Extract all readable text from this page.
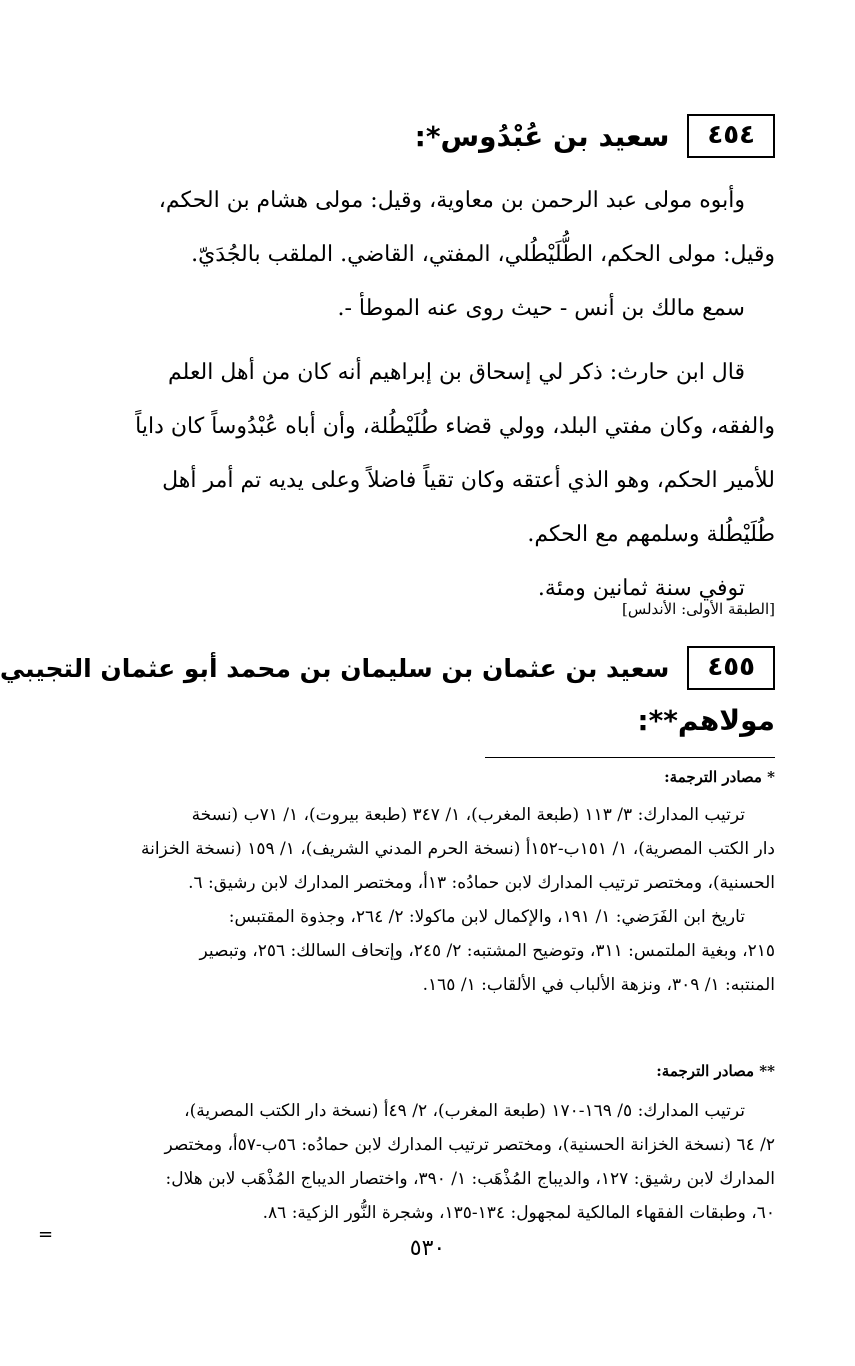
٤٥٤
سعيد بن عُبْدُوس*:
وأبوه مولى عبد الرحمن بن معاوية، وقيل: مولى هشام بن الحكم،
وقيل: مولى الحكم، الطُّلَيْطُلي، المفتي، القاضي. الملقب بالجُدَيّ.
سمع مالك بن أنس - حيث روى عنه الموطأ -.
قال ابن حارث: ذكر لي إسحاق بن إبراهيم أنه كان من أهل العلم
والفقه، وكان مفتي البلد، وولي قضاء طُلَيْطُلة، وأن أباه عُبْدُوساً كان داياً
للأمير الحكم، وهو الذي أعتقه وكان تقياً فاضلاً وعلى يديه تم أمر أهل
طُلَيْطُلة وسلمهم مع الحكم.
توفي سنة ثمانين ومئة.
[الطبقة الأولى: الأندلس]
٤٥٥
سعيد بن عثمان بن سليمان بن محمد أبو عثمان التجيبي
مولاهم**:
* مصادر الترجمة:
ترتيب المدارك: ٣/ ١١٣ (طبعة المغرب)، ١/ ٣٤٧ (طبعة بيروت)، ١/ ٧١ب (نسخة
دار الكتب المصرية)، ١/ ١٥١ب-١٥٢أ (نسخة الحرم المدني الشريف)، ١/ ١٥٩ (نسخة الخزانة
الحسنية)، ومختصر ترتيب المدارك لابن حمادُه: ١٣أ، ومختصر المدارك لابن رشيق: ٦.
تاريخ ابن الفَرَضي: ١/ ١٩١، والإكمال لابن ماكولا: ٢/ ٢٦٤، وجذوة المقتبس:
٢١٥، وبغية الملتمس: ٣١١، وتوضيح المشتبه: ٢/ ٢٤٥، وإتحاف السالك: ٢٥٦، وتبصير
المنتبه: ١/ ٣٠٩، ونزهة الألباب في الألقاب: ١/ ١٦٥.
** مصادر الترجمة:
ترتيب المدارك: ٥/ ١٦٩-١٧٠ (طبعة المغرب)، ٢/ ٤٩أ (نسخة دار الكتب المصرية)،
٢/ ٦٤ (نسخة الخزانة الحسنية)، ومختصر ترتيب المدارك لابن حمادُه: ٥٦ب-٥٧أ، ومختصر
المدارك لابن رشيق: ١٢٧، والديباج المُذْهَب: ١/ ٣٩٠، واختصار الديباج المُذْهَب لابن هلال:
٦٠، وطبقات الفقهاء المالكية لمجهول: ١٣٤-١٣٥، وشجرة النُّور الزكية: ٨٦.
=
٥٣٠
